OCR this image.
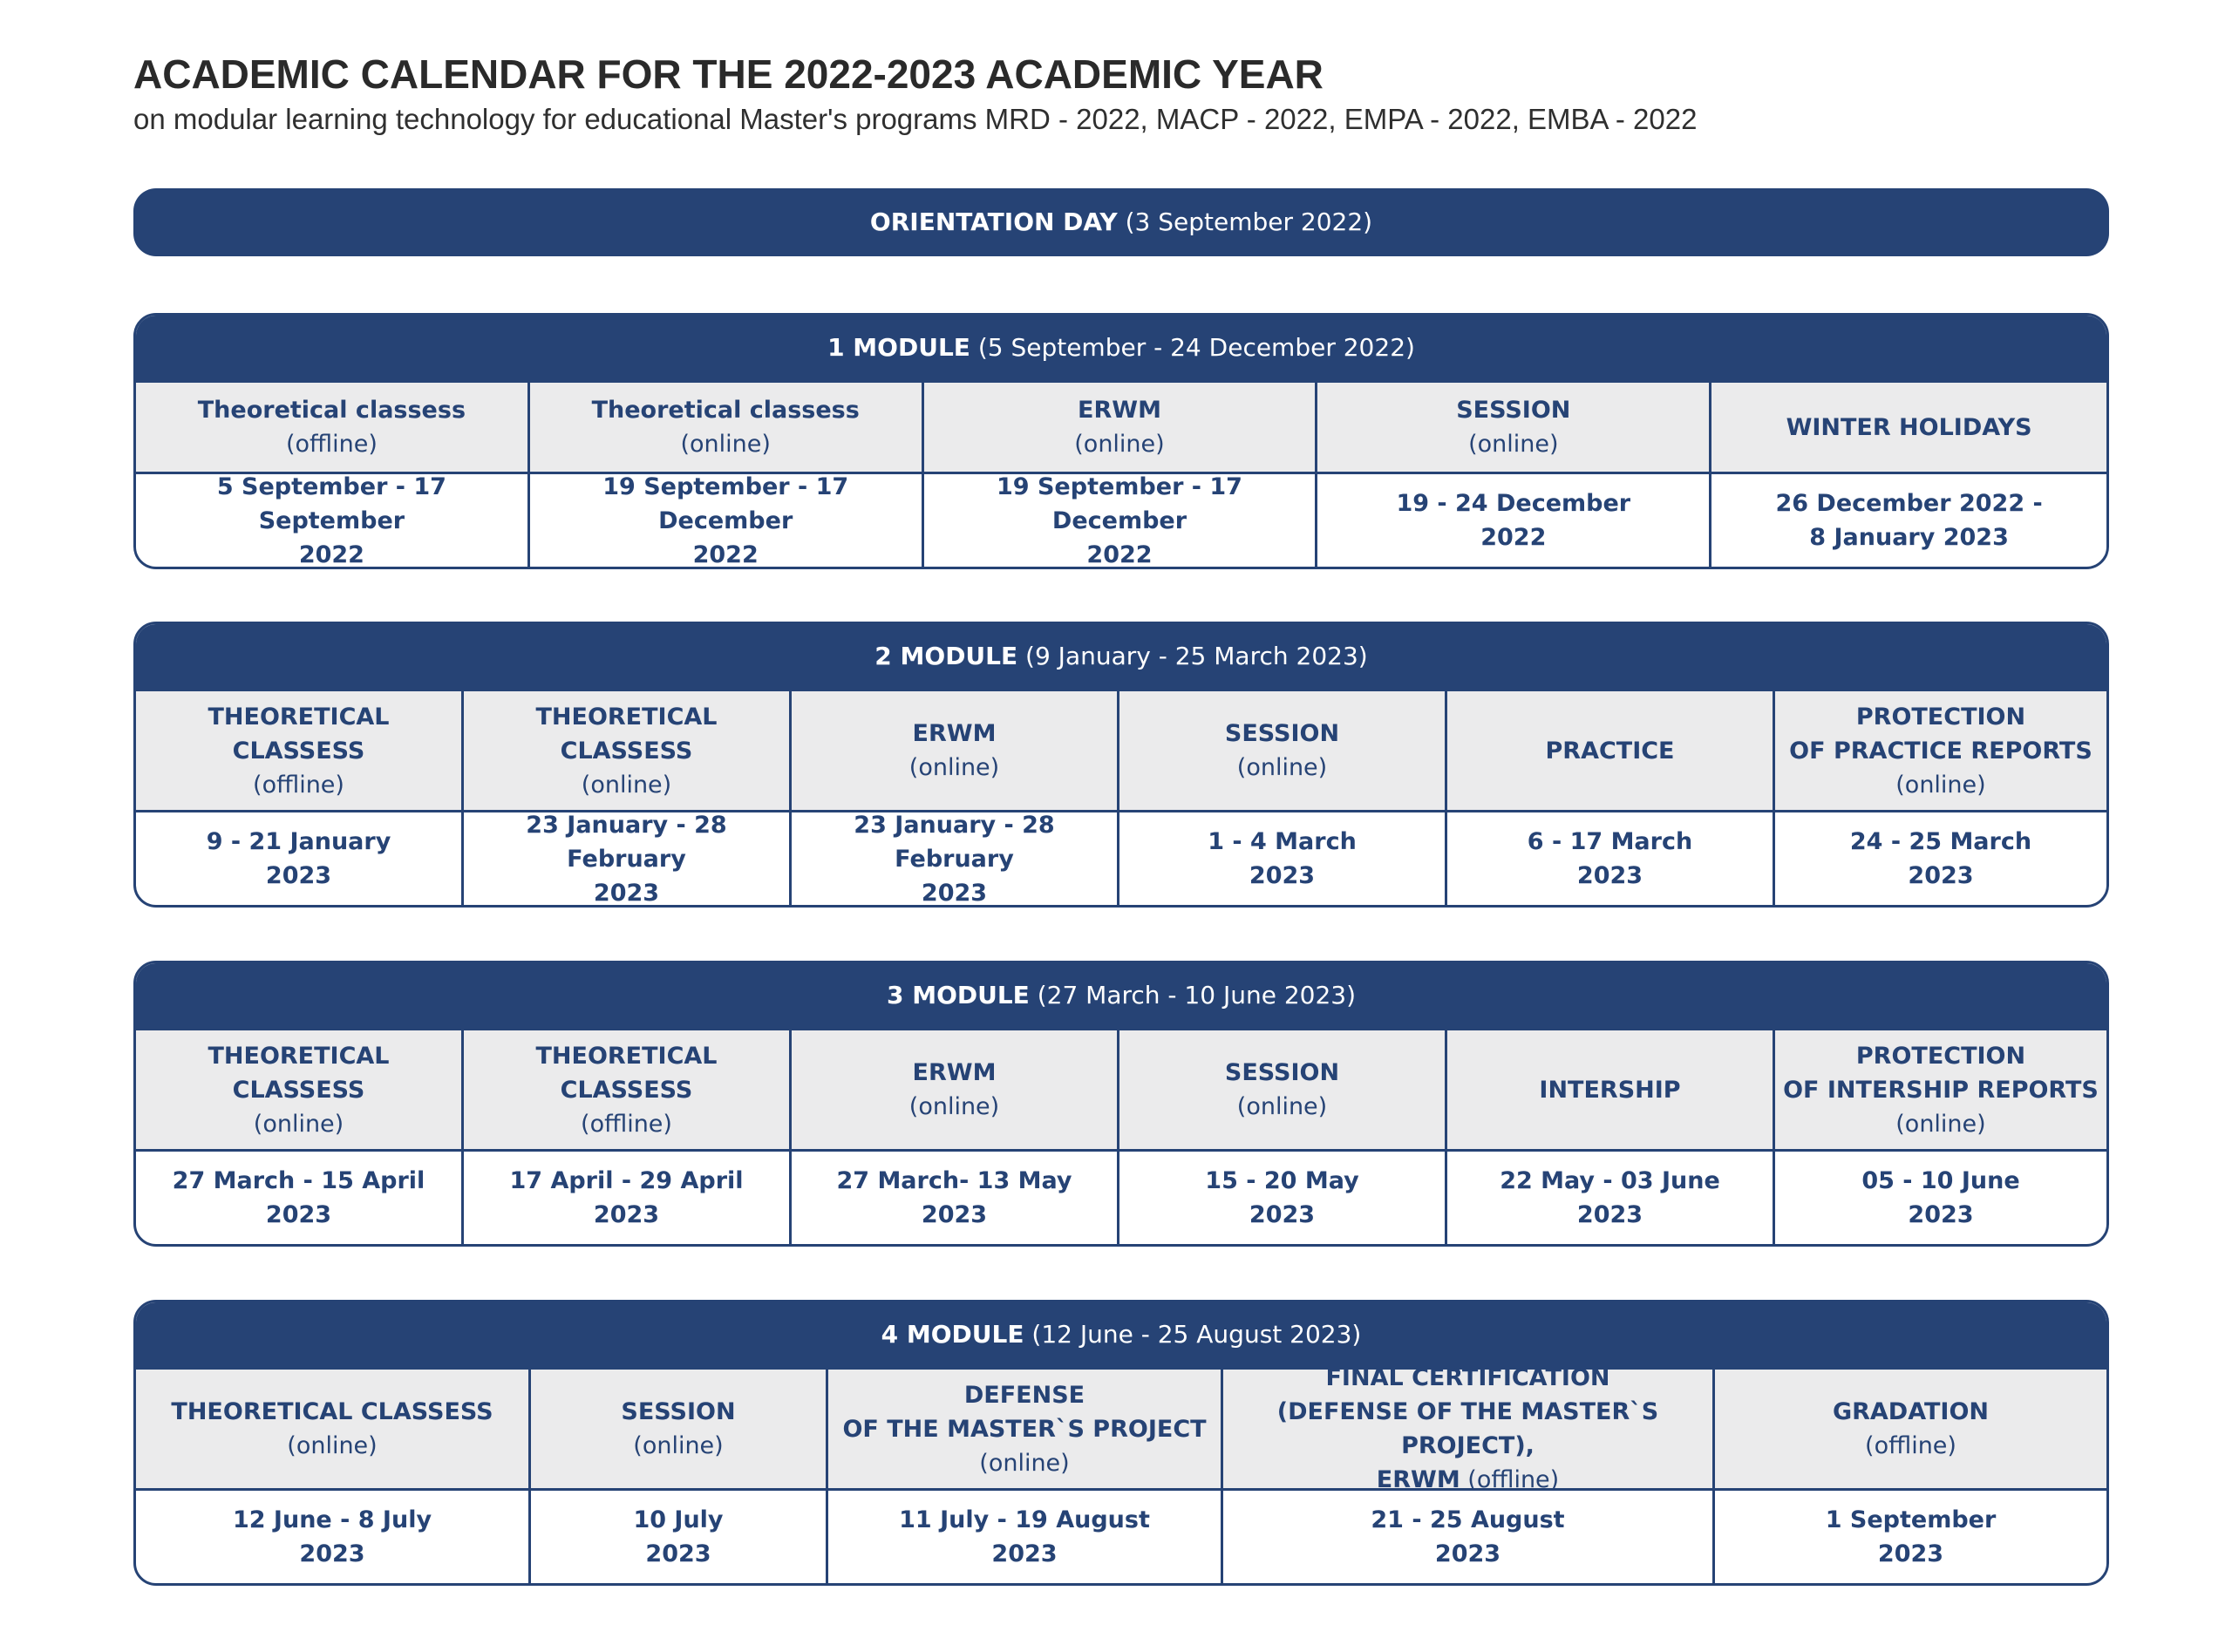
ACADEMIC CALENDAR FOR THE 2022-2023 ACADEMIC YEAR
on modular learning technology for educational Master's programs MRD - 2022, MACP - 2022, EMPA - 2022, EMBA - 2022
ORIENTATION DAY (3 September 2022)
1 MODULE (5 September - 24 December 2022)
Theoretical classess
(offline)
Theoretical classess
(online)
ERWM
(online)
SESSION
(online)
WINTER HOLIDAYS
5 September - 17 September
2022
19 September - 17 December
2022
19 September - 17 December
2022
19 - 24 December
2022
26 December 2022 -
8 January 2023
2 MODULE (9 January - 25 March 2023)
THEORETICAL CLASSESS
(offline)
THEORETICAL CLASSESS
(online)
ERWM
(online)
SESSION
(online)
PRACTICE
PROTECTION
OF PRACTICE REPORTS
(online)
9 - 21 January
2023
23 January - 28 February
2023
23 January - 28 February
2023
1 - 4 March
2023
6 - 17 March
2023
24 - 25 March
2023
3 MODULE (27 March - 10 June 2023)
THEORETICAL CLASSESS
(online)
THEORETICAL CLASSESS
(offline)
ERWM
(online)
SESSION
(online)
INTERSHIP
PROTECTION
OF INTERSHIP REPORTS
(online)
27 March - 15 April
2023
17 April - 29 April
2023
27 March- 13 May
2023
15 - 20 May
2023
22 May - 03 June
2023
05 - 10 June
2023
4 MODULE (12 June - 25 August 2023)
THEORETICAL CLASSESS
(online)
SESSION
(online)
DEFENSE
OF THE MASTER`S PROJECT
(online)
FINAL CERTIFICATION
(DEFENSE OF THE MASTER`S PROJECT),
ERWM (offline)
GRADATION
(offline)
12 June - 8 July
2023
10 July
2023
11 July - 19 August
2023
21 - 25 August
2023
1 September
2023
